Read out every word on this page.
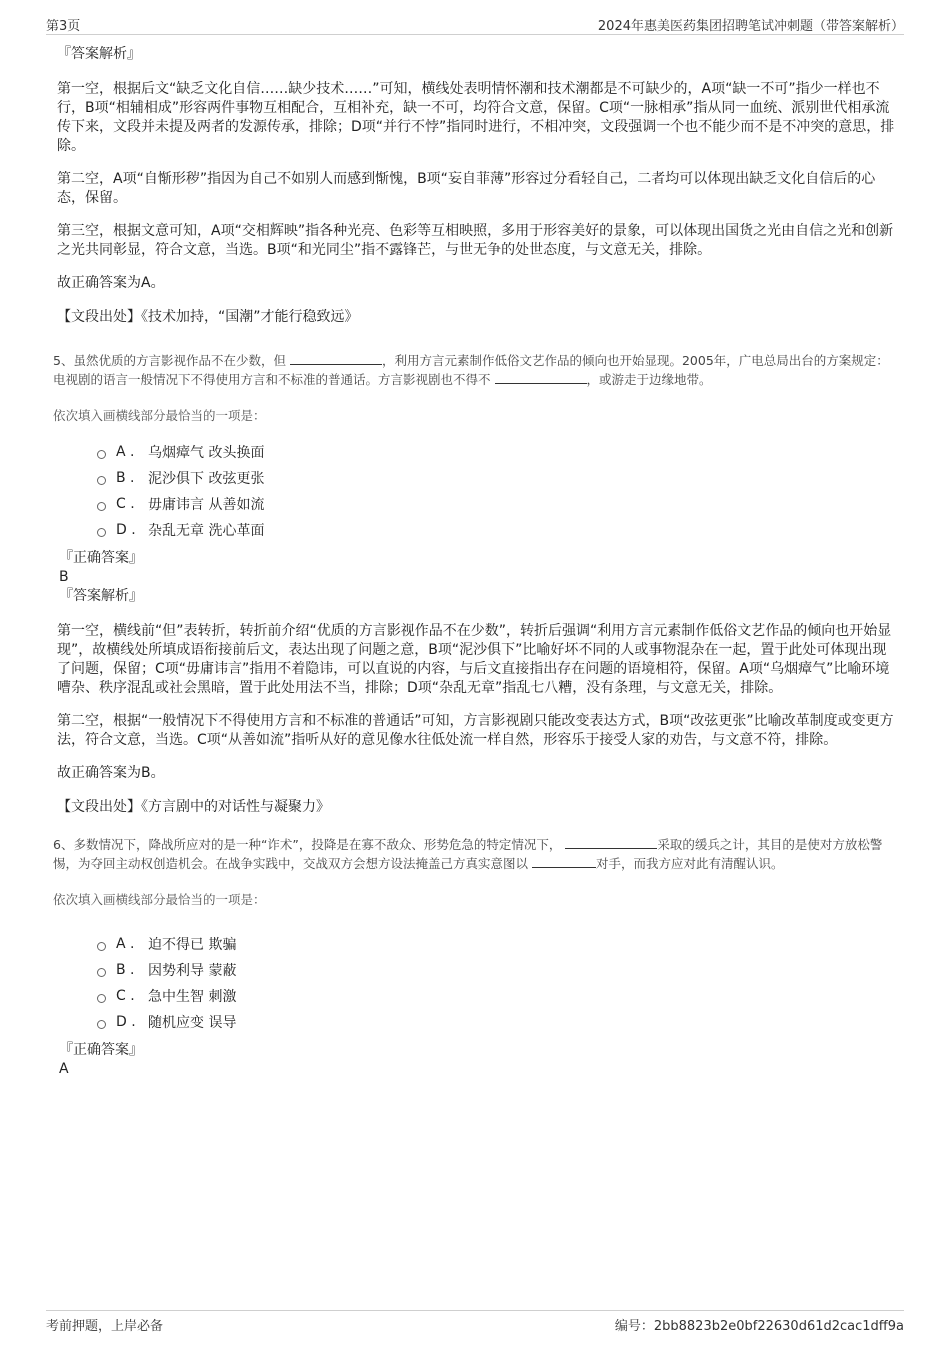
第3页	2024年惠美医药集团招聘笔试冲刺题（带答案解析）

『答案解析』

第一空，根据后文“缺乏文化自信……缺少技术……”可知，横线处表明情怀潮和技术潮都是不可缺少的，A项“缺一不可”指少一样也不行，B项“相辅相成”形容两件事物互相配合，互相补充，缺一不可，均符合文意，保留。C项“一脉相承”指从同一血统、派别世代相承流传下来，文段并未提及两者的发源传承，排除；D项“并行不悖”指同时进行，不相冲突，文段强调一个也不能少而不是不冲突的意思，排除。

第二空，A项“自惭形秽”指因为自己不如别人而感到惭愧，B项“妄自菲薄”形容过分看轻自己，二者均可以体现出缺乏文化自信后的心态，保留。

第三空，根据文意可知，A项“交相辉映”指各种光亮、色彩等互相映照，多用于形容美好的景象，可以体现出国货之光由自信之光和创新之光共同彰显，符合文意，当选。B项“和光同尘”指不露锋芒，与世无争的处世态度，与文意无关，排除。

故正确答案为A。

【文段出处】《技术加持，“国潮”才能行稳致远》

5、虽然优质的方言影视作品不在少数，但	，利用方言元素制作低俗文艺作品的倾向也开始显现。2005年，广电总局出台的方案规定：电视剧的语言一般情况下不得使用方言和不标准的普通话。方言影视剧也不得不	，或游走于边缘地带。

依次填入画横线部分最恰当的一项是：

A . 乌烟瘴气 改头换面
B . 泥沙俱下 改弦更张
C . 毋庸讳言 从善如流
D . 杂乱无章 洗心革面

『正确答案』

B

『答案解析』

第一空，横线前“但”表转折，转折前介绍“优质的方言影视作品不在少数”，转折后强调“利用方言元素制作低俗文艺作品的倾向也开始显现”，故横线处所填成语衔接前后文，表达出现了问题之意，B项“泥沙俱下”比喻好坏不同的人或事物混杂在一起，置于此处可体现出现了问题，保留；C项“毋庸讳言”指用不着隐讳，可以直说的内容，与后文直接指出存在问题的语境相符，保留。A项“乌烟瘴气”比喻环境嘈杂、秩序混乱或社会黑暗，置于此处用法不当，排除；D项“杂乱无章”指乱七八糟，没有条理，与文意无关，排除。

第二空，根据“一般情况下不得使用方言和不标准的普通话”可知，方言影视剧只能改变表达方式，B项“改弦更张”比喻改革制度或变更方法，符合文意，当选。C项“从善如流”指听从好的意见像水往低处流一样自然，形容乐于接受人家的劝告，与文意不符，排除。

故正确答案为B。

【文段出处】《方言剧中的对话性与凝聚力》

6、多数情况下，降战所应对的是一种“诈术”，投降是在寡不敌众、形势危急的特定情况下，	采取的缓兵之计，其目的是使对方放松警惕，为夺回主动权创造机会。在战争实践中，交战双方会想方设法掩盖己方真实意图以	对手，而我方应对此有清醒认识。

依次填入画横线部分最恰当的一项是：

A . 迫不得已 欺骗
B . 因势利导 蒙蔽
C . 急中生智 刺激
D . 随机应变 误导

『正确答案』

A

考前押题，上岸必备	编号：2bb8823b2e0bf22630d61d2cac1dff9a
